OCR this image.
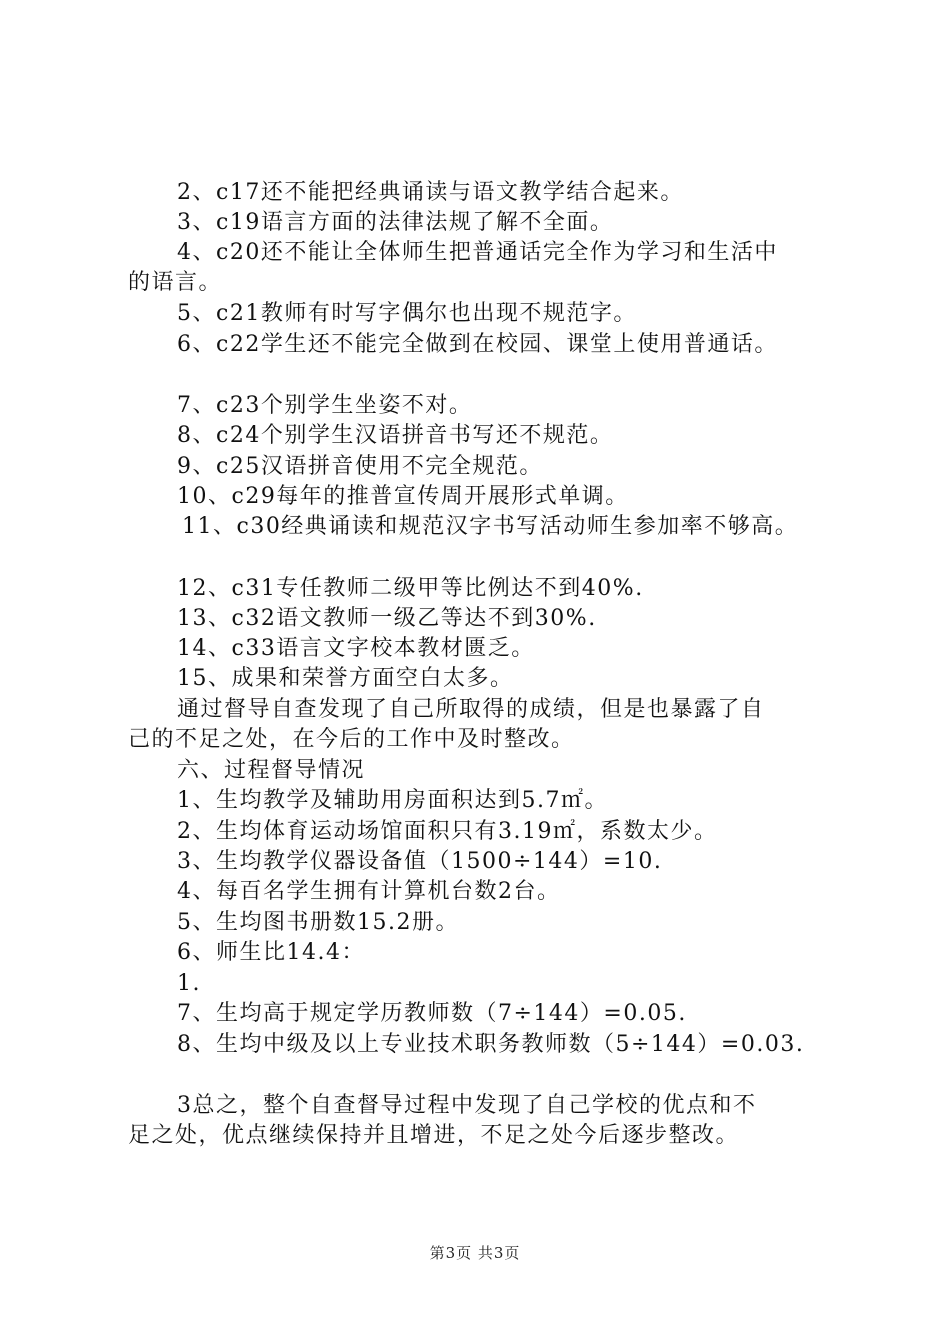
2、c17还不能把经典诵读与语文教学结合起来。
3、c19语言方面的法律法规了解不全面。
4、c20还不能让全体师生把普通话完全作为学习和生活中
的语言。
5、c21教师有时写字偶尔也出现不规范字。
6、c22学生还不能完全做到在校园、课堂上使用普通话。
7、c23个别学生坐姿不对。
8、c24个别学生汉语拼音书写还不规范。
9、c25汉语拼音使用不完全规范。
10、c29每年的推普宣传周开展形式单调。
11、c30经典诵读和规范汉字书写活动师生参加率不够高。
12、c31专任教师二级甲等比例达不到40%.
13、c32语文教师一级乙等达不到30%.
14、c33语言文字校本教材匮乏。
15、成果和荣誉方面空白太多。
通过督导自查发现了自己所取得的成绩，但是也暴露了自
己的不足之处，在今后的工作中及时整改。
六、过程督导情况
1、生均教学及辅助用房面积达到5.7㎡。
2、生均体育运动场馆面积只有3.19㎡，系数太少。
3、生均教学仪器设备值（1500÷144）=10.
4、每百名学生拥有计算机台数2台。
5、生均图书册数15.2册。
6、师生比14.4：
1.
7、生均高于规定学历教师数（7÷144）=0.05.
8、生均中级及以上专业技术职务教师数（5÷144）=0.03.
3总之，整个自查督导过程中发现了自己学校的优点和不
足之处，优点继续保持并且增进，不足之处今后逐步整改。
第3页 共3页
